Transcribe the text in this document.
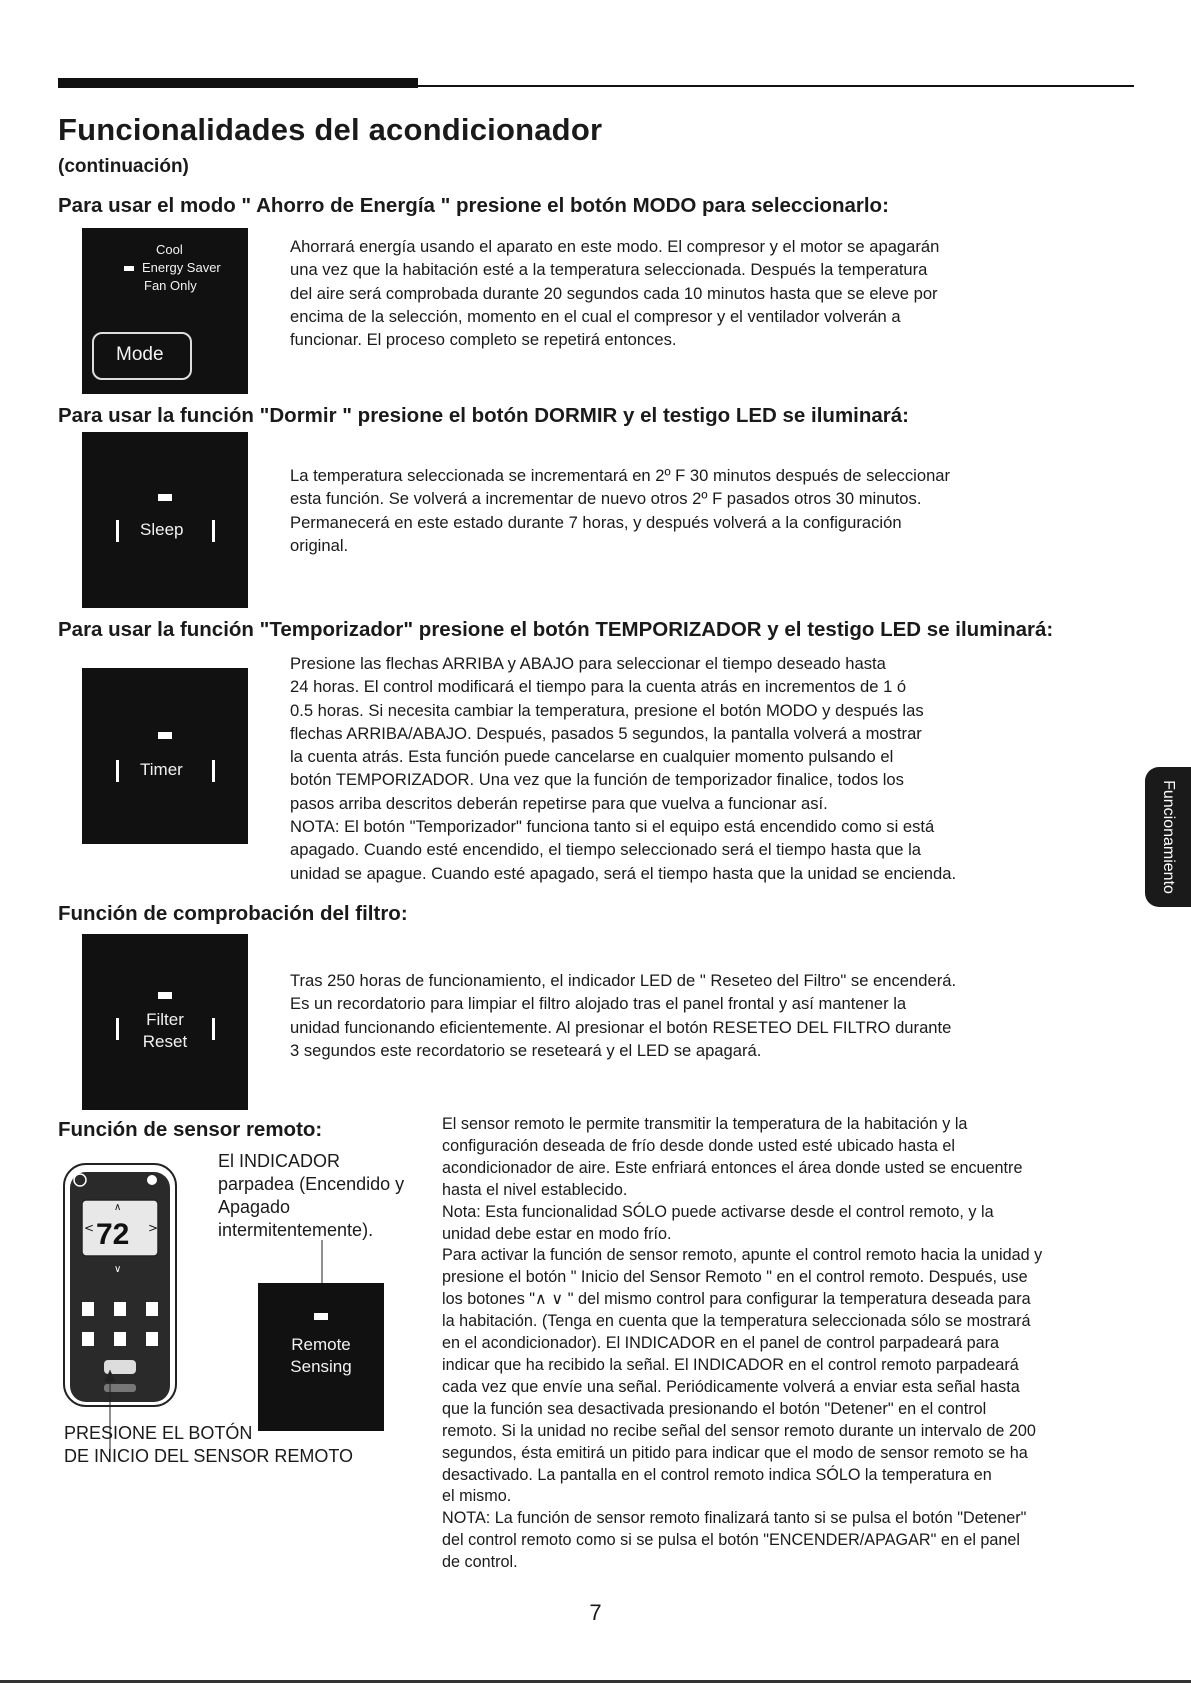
Funcionalidades del acondicionador
(continuación)
Funcionamiento
Para usar el modo " Ahorro de Energía " presione el botón MODO para seleccionarlo:
Cool
Energy Saver
Fan Only
Mode
Ahorrará energía usando el aparato en este modo. El compresor y el motor se apagarán
una vez que la habitación esté a la temperatura seleccionada. Después la temperatura
del aire será comprobada durante 20 segundos cada 10 minutos hasta que se eleve por
encima de la selección, momento en el cual el compresor y el ventilador volverán a
funcionar. El proceso completo se repetirá entonces.
Para usar la función "Dormir " presione el botón DORMIR y el testigo LED se iluminará:
Sleep
La temperatura seleccionada se incrementará en 2º F 30 minutos después de seleccionar
esta función. Se volverá a incrementar de nuevo otros 2º F pasados otros 30 minutos.
Permanecerá en este estado durante 7 horas, y después volverá a la configuración
original.
Para usar la función "Temporizador" presione el botón TEMPORIZADOR y el testigo LED se iluminará:
Timer
Presione las flechas ARRIBA y ABAJO para seleccionar el tiempo deseado hasta
24 horas. El control modificará el tiempo para la cuenta atrás en incrementos de 1 ó
0.5 horas. Si necesita cambiar la temperatura, presione el botón MODO y después las
flechas ARRIBA/ABAJO. Después, pasados 5 segundos, la pantalla volverá a mostrar
la cuenta atrás. Esta función puede cancelarse en cualquier momento pulsando el
botón TEMPORIZADOR. Una vez que la función de temporizador finalice, todos los
pasos arriba descritos deberán repetirse para que vuelva a funcionar así.
NOTA: El botón "Temporizador" funciona tanto si el equipo está encendido como si está
apagado. Cuando esté encendido, el tiempo seleccionado será el tiempo hasta que la
unidad se apague. Cuando esté apagado, será el tiempo hasta que la unidad se encienda.
Función de comprobación del filtro:
Filter
Reset
Tras 250 horas de funcionamiento, el indicador LED de " Reseteo del Filtro" se encenderá.
Es un recordatorio para limpiar el filtro alojado tras el panel frontal y así mantener la
unidad funcionando eficientemente. Al presionar el botón RESETEO DEL FILTRO durante
3 segundos este recordatorio se reseteará y el LED se apagará.
Función de sensor remoto:
El INDICADOR
parpadea (Encendido y
Apagado
intermitentemente).
72
∧
∨
<	>
PRESIONE EL BOTÓN
DE INICIO DEL SENSOR REMOTO
Remote
Sensing
El sensor remoto le permite transmitir la temperatura de la habitación y la
configuración deseada de frío desde donde usted esté ubicado hasta el
acondicionador de aire. Este enfriará entonces el área donde usted se encuentre
hasta el nivel establecido.
Nota: Esta funcionalidad SÓLO puede activarse desde el control remoto, y la
unidad debe estar en modo frío.
Para activar la función de sensor remoto, apunte el control remoto hacia la unidad y
presione el botón " Inicio del Sensor Remoto " en el control remoto. Después, use
los botones "∧ ∨ " del mismo control para configurar la temperatura deseada para
la habitación. (Tenga en cuenta que la temperatura seleccionada sólo se mostrará
en el acondicionador). El INDICADOR en el panel de control parpadeará para
indicar que ha recibido la señal. El INDICADOR en el control remoto parpadeará
cada vez que envíe una señal. Periódicamente volverá a enviar esta señal hasta
que la función sea desactivada presionando el botón "Detener" en el control
remoto. Si la unidad no recibe señal del sensor remoto durante un intervalo de 200
segundos, ésta emitirá un pitido para indicar que el modo de sensor remoto se ha
desactivado. La pantalla en el control remoto indica SÓLO la temperatura en
el mismo.
NOTA: La función de sensor remoto finalizará tanto si se pulsa el botón "Detener"
del control remoto como si se pulsa el botón "ENCENDER/APAGAR" en el panel
de control.
7
